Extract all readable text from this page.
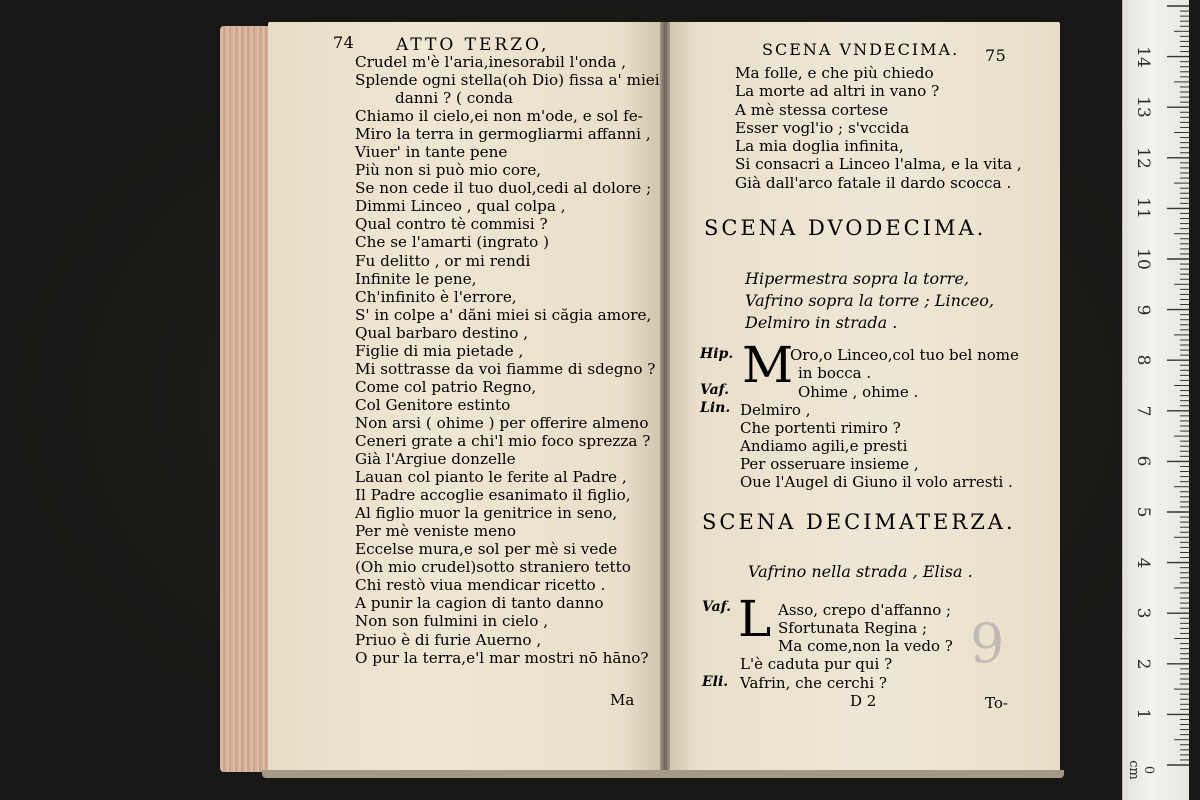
74 ATTO TERZO,
Crudel m'è l'aria,inesorabil l'onda ,
Splende ogni stella(oh Dio) fissa a' miei
danni ? ( conda
Chiamo il cielo,ei non m'ode, e sol fe-
Miro la terra in germogliarmi affanni ,
Viuer' in tante pene
Più non si può mio core,
Se non cede il tuo duol,cedi al dolore ;
Dimmi Linceo , qual colpa ,
Qual contro tè commisi ?
Che se l'amarti (ingrato )
Fu delitto , or mi rendi
Infinite le pene,
Ch'infinito è l'errore,
S' in colpe a' dăni miei si căgia amore,
Qual barbaro destino ,
Figlie di mia pietade ,
Mi sottrasse da voi fiamme di sdegno ?
Come col patrio Regno,
Col Genitore estinto
Non arsi ( ohime ) per offerire almeno
Ceneri grate a chi'l mio foco sprezza ?
Già l'Argiue donzelle
Lauan col pianto le ferite al Padre ,
Il Padre accoglie esanimato il figlio,
Al figlio muor la genitrice in seno,
Per mè veniste meno
Eccelse mura,e sol per mè si vede
(Oh mio crudel)sotto straniero tetto
Chi restò viua mendicar ricetto .
A punir la cagion di tanto danno
Non son fulmini in cielo ,
Priuo è di furie Auerno ,
O pur la terra,e'l mar mostri nō hāno?
Ma
SCENA VNDECIMA. 75
Ma folle, e che più chiedo
La morte ad altri in vano ?
A mè stessa cortese
Esser vogl'io ; s'vccida
La mia doglia infinita,
Si consacri a Linceo l'alma, e la vita ,
Già dall'arco fatale il dardo scocca .
SCENA DVODECIMA.
Hipermestra sopra la torre,
Vafrino sopra la torre ; Linceo,
Delmiro in strada .
Hip. M
Oro,o Linceo,col tuo bel nome
in bocca .
Vaf.	Ohime , ohime .
Lin. Delmiro ,
Che portenti rimiro ?
Andiamo agili,e presti
Per osseruare insieme ,
Oue l'Augel di Giuno il volo arresti .
SCENA DECIMATERZA.
Vafrino nella strada , Elisa .
Vaf. L Asso, crepo d'affanno ;
Sfortunata Regina ;
Ma come,non la vedo ?
L'è caduta pur qui ?
Eli. Vafrin, che cerchi ?
9
D 2	To-
0 cm
1
2
3
4
5
6
7
8
9
10
11
12
13
14
